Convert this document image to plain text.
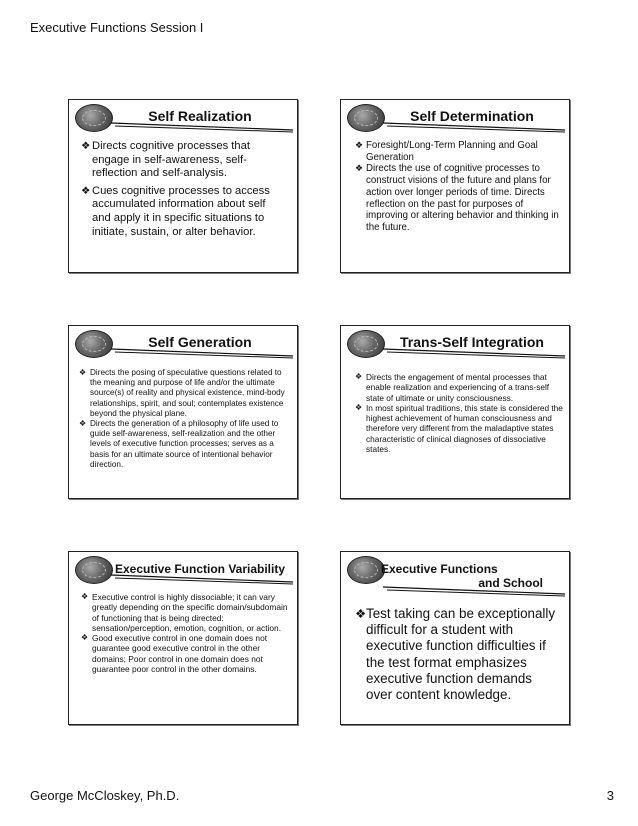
Executive Functions Session I
Self Realization
❖ Directs cognitive processes that engage in self-awareness, self-reflection and self-analysis.
❖ Cues cognitive processes to access accumulated information about self and apply it in specific situations to initiate, sustain, or alter behavior.
Self Determination
❖ Foresight/Long-Term Planning and Goal Generation
❖ Directs the use of cognitive processes to construct visions of the future and plans for action over longer periods of time. Directs reflection on the past for purposes of improving or altering behavior and thinking in the future.
Self Generation
❖ Directs the posing of speculative questions related to the meaning and purpose of life and/or the ultimate source(s) of reality and physical existence, mind-body relationships, spirit, and soul; contemplates existence beyond the physical plane.
❖ Directs the generation of a philosophy of life used to guide self-awareness, self-realization and the other levels of executive function processes; serves as a basis for an ultimate source of intentional behavior direction.
Trans-Self Integration
❖ Directs the engagement of mental processes that enable realization and experiencing of a trans-self state of ultimate or unity consciousness.
❖ In most spiritual traditions, this state is considered the highest achievement of human consciousness and therefore very different from the maladaptive states characteristic of clinical diagnoses of dissociative states.
Executive Function Variability
❖ Executive control is highly dissociable; it can vary greatly depending on the specific domain/subdomain of functioning that is being directed: sensation/perception, emotion, cognition, or action.
❖ Good executive control in one domain does not guarantee good executive control in the other domains; Poor control in one domain does not guarantee poor control in the other domains.
Executive Functions
and School
❖ Test taking can be exceptionally difficult for a student with executive function difficulties if the test format emphasizes executive function demands over content knowledge.
George McCloskey, Ph.D.	3
